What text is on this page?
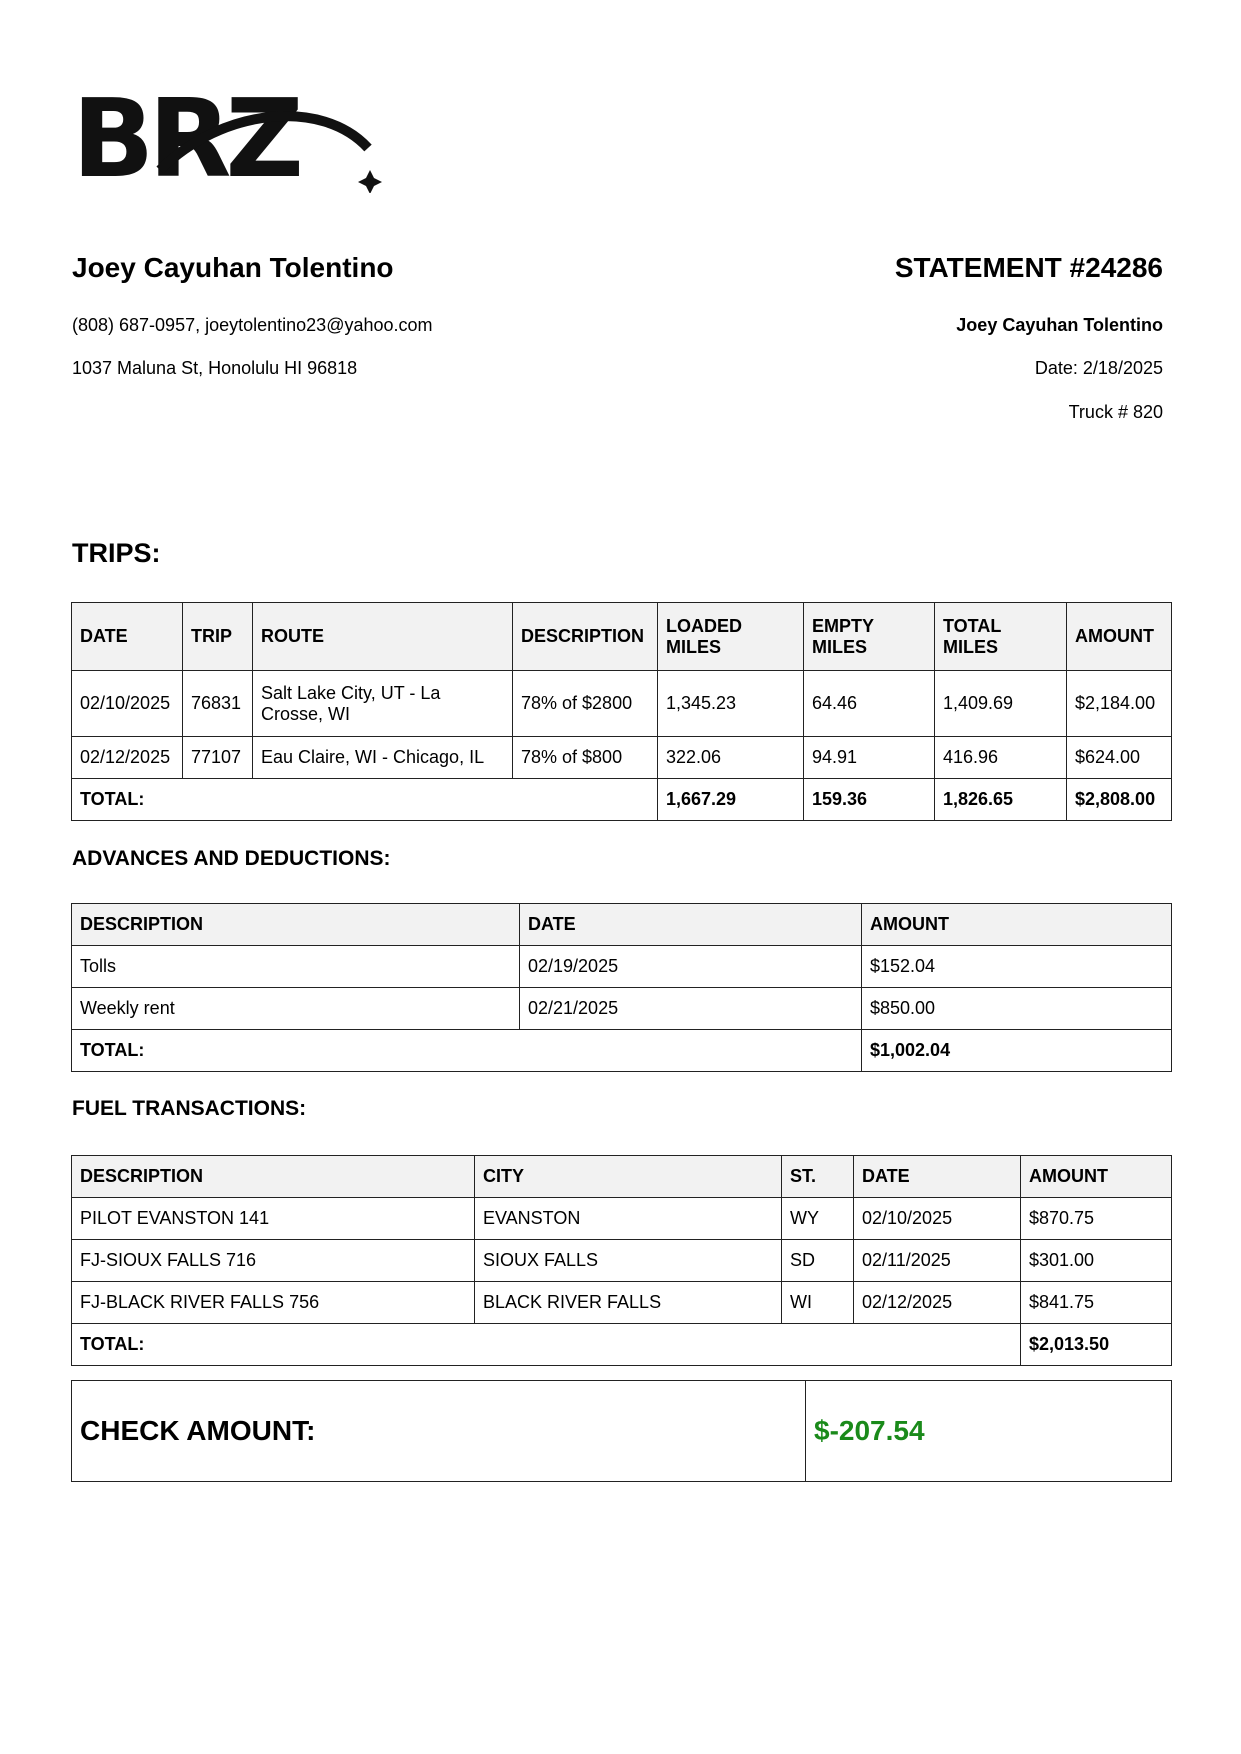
BRZ
Joey Cayuhan Tolentino
(808) 687-0957, joeytolentino23@yahoo.com
1037 Maluna St, Honolulu HI 96818
STATEMENT #24286
Joey Cayuhan Tolentino
Date: 2/18/2025
Truck # 820
TRIPS:
DATE	TRIP	ROUTE	DESCRIPTION	LOADED MILES	EMPTY MILES	TOTAL MILES	AMOUNT
02/10/2025	76831	Salt Lake City, UT - La Crosse, WI	78% of $2800	1,345.23	64.46	1,409.69	$2,184.00
02/12/2025	77107	Eau Claire, WI - Chicago, IL	78% of $800	322.06	94.91	416.96	$624.00
TOTAL:				1,667.29	159.36	1,826.65	$2,808.00
ADVANCES AND DEDUCTIONS:
DESCRIPTION	DATE	AMOUNT
Tolls	02/19/2025	$152.04
Weekly rent	02/21/2025	$850.00
TOTAL:		$1,002.04
FUEL TRANSACTIONS:
DESCRIPTION	CITY	ST.	DATE	AMOUNT
PILOT EVANSTON 141	EVANSTON	WY	02/10/2025	$870.75
FJ-SIOUX FALLS 716	SIOUX FALLS	SD	02/11/2025	$301.00
FJ-BLACK RIVER FALLS 756	BLACK RIVER FALLS	WI	02/12/2025	$841.75
TOTAL:				$2,013.50
CHECK AMOUNT:	$-207.54
